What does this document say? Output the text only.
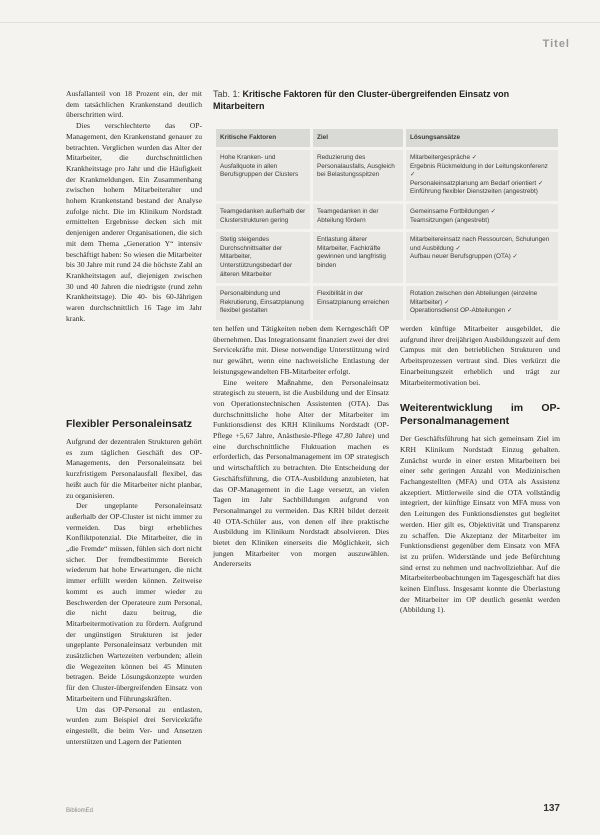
Titel

Ausfallanteil von 18 Prozent ein, der mit dem tatsächlichen Krankenstand deutlich überschritten wird.

Dies verschlechterte das OP-Management, den Krankenstand genauer zu betrachten. Verglichen wurden das Alter der Mitarbeiter, die durchschnittlichen Krankheitstage pro Jahr und die Häufigkeit der Krankmeldungen. Ein Zusammenhang zwischen hohem Mitarbeiteralter und hohem Krankenstand bestand der Analyse zufolge nicht. Die im Klinikum Nordstadt ermittelten Ergebnisse decken sich mit denjenigen anderer Organisationen, die sich mit dem Thema „Generation Y“ intensiv beschäftigt haben: So wiesen die Mitarbeiter bis 30 Jahre mit rund 24 die höchste Zahl an Krankheitstagen auf, diejenigen zwischen 30 und 40 Jahren die niedrigste (rund zehn Krankheitstage). Die 40- bis 60-Jährigen waren durchschnittlich 16 Tage im Jahr krank.

Tab. 1: Kritische Faktoren für den Cluster-übergreifenden Einsatz von Mitarbeitern
Kritische Faktoren	Ziel	Lösungsansätze
Hohe Kranken- und Ausfallquote in allen Berufsgruppen der Clusters	Reduzierung des Personalausfalls, Ausgleich bei Belastungsspitzen	Mitarbeitergespräche ✓
Ergebnis Rückmeldung in der Leitungskonferenz ✓
Personaleinsatzplanung am Bedarf orientiert ✓
Einführung flexibler Dienstzeiten (angestrebt)

Teamgedanken außerhalb der Clusterstrukturen gering	Teamgedanken in der Abteilung fördern	Gemeinsame Fortbildungen ✓
Teamsitzungen (angestrebt)

Stetig steigendes Durchschnittsalter der Mitarbeiter, Unterstützungsbedarf der älteren Mitarbeiter	Entlastung älterer Mitarbeiter, Fachkräfte gewinnen und langfristig binden	Mitarbeitereinsatz nach Ressourcen, Schulungen und Ausbildung ✓
Aufbau neuer Berufsgruppen (OTA) ✓

Personalbindung und Rekrutierung, Einsatzplanung flexibel gestalten	Flexibilität in der Einsatzplanung erreichen	Rotation zwischen den Abteilungen (einzelne Mitarbeiter) ✓
Operationsdienst OP-Abteilungen ✓
Flexibler Personaleinsatz

Aufgrund der dezentralen Strukturen gehört es zum täglichen Geschäft des OP-Managements, den Personaleinsatz bei kurzfristigem Personalausfall flexibel, das heißt auch für die Mitarbeiter nicht planbar, zu organisieren.

Der ungeplante Personaleinsatz außerhalb der OP-Cluster ist nicht immer zu vermeiden. Das birgt erhebliches Konfliktpotenzial. Die Mitarbeiter, die in „die Fremde“ müssen, fühlen sich dort nicht sicher. Der fremdbestimmte Bereich wiederum hat hohe Erwartungen, die nicht immer erfüllt werden können. Zeitweise kommt es auch immer wieder zu Beschwerden der Operateure zum Personal, die nicht dazu beitrug, die Mitarbeitermotivation zu fördern. Aufgrund der ungünstigen Strukturen ist jeder ungeplante Personaleinsatz verbunden mit zusätzlichen Wartezeiten verbunden; allein die Wegezeiten können bei 45 Minuten betragen. Beide Lösungskonzepte wurden für den Cluster-übergreifenden Einsatz von Mitarbeitern und Führungskräften.

Um das OP-Personal zu entlasten, wurden zum Beispiel drei Servicekräfte eingestellt, die beim Ver- und Ansetzen unterstützen und Lagern der Patienten

ten helfen und Tätigkeiten neben dem Kerngeschäft OP übernehmen. Das Integrationsamt finanziert zwei der drei Servicekräfte mit. Diese notwendige Unterstützung wird nur gewährt, wenn eine nachweisliche Entlastung der leistungsgewandelten FB-Mitarbeiter erfolgt.

Eine weitere Maßnahme, den Personaleinsatz strategisch zu steuern, ist die Ausbildung und der Einsatz von Operationstechnischen Assistenten (OTA). Das durchschnittsliche hohe Alter der Mitarbeiter im Funktionsdienst des KRH Klinikums Nordstadt (OP-Pflege +5,67 Jahre, Anästhesie-Pflege 47,80 Jahre) und eine durchschnittliche Fluktuation machen es erforderlich, das Personalmanagement im OP strategisch und wirtschaftlich zu betrachten. Die Entscheidung der Geschäftsführung, die OTA-Ausbildung anzubieten, hat das OP-Management in die Lage versetzt, an vielen Tagen im Jahr Sachbilldungen aufgrund von Personalmangel zu vermeiden. Das KRH bildet derzeit 40 OTA-Schüler aus, von denen elf ihre praktische Ausbildung im Klinikum Nordstadt absolvieren. Dies bietet den Kliniken einerseits die Möglichkeit, sich jungen Mitarbeiter von morgen auszuwählen. Andererseits

werden künftige Mitarbeiter ausgebildet, die aufgrund ihrer dreijährigen Ausbildungszeit auf dem Campus mit den betrieblichen Strukturen und Arbeitsprozessen vertraut sind. Dies verkürzt die Einarbeitungszeit erheblich und trägt zur Mitarbeitermotivation bei.

Weiterentwicklung im OP-Personalmanagement

Der Geschäftsführung hat sich gemeinsam Ziel im KRH Klinikum Nordstadt Einzug gehalten. Zunächst wurde in einer ersten Mitarbeitern bei einer sehr geringen Anzahl von Medizinischen Fachangestellten (MFA) und OTA als Assistenz akzeptiert. Mittlerweile sind die OTA vollständig integriert, der künftige Einsatz von MFA muss von den Leitungen des Funktionsdienstes gut begleitet werden. Hier gilt es, Objektivität und Transparenz zu schaffen. Die Akzeptanz der Mitarbeiter im Funktionsdienst gegenüber dem Einsatz von MFA ist zu prüfen. Widerstände und jede Befürchtung sind ernst zu nehmen und nachvollziehbar. Auf die Mitarbeiterbeobachtungen im Tagesgeschäft hat dies keinen Einfluss. Insgesamt konnte die Überlastung der Mitarbeiter im OP deutlich gesenkt werden (Abbildung 1).

BibliomEd	137
